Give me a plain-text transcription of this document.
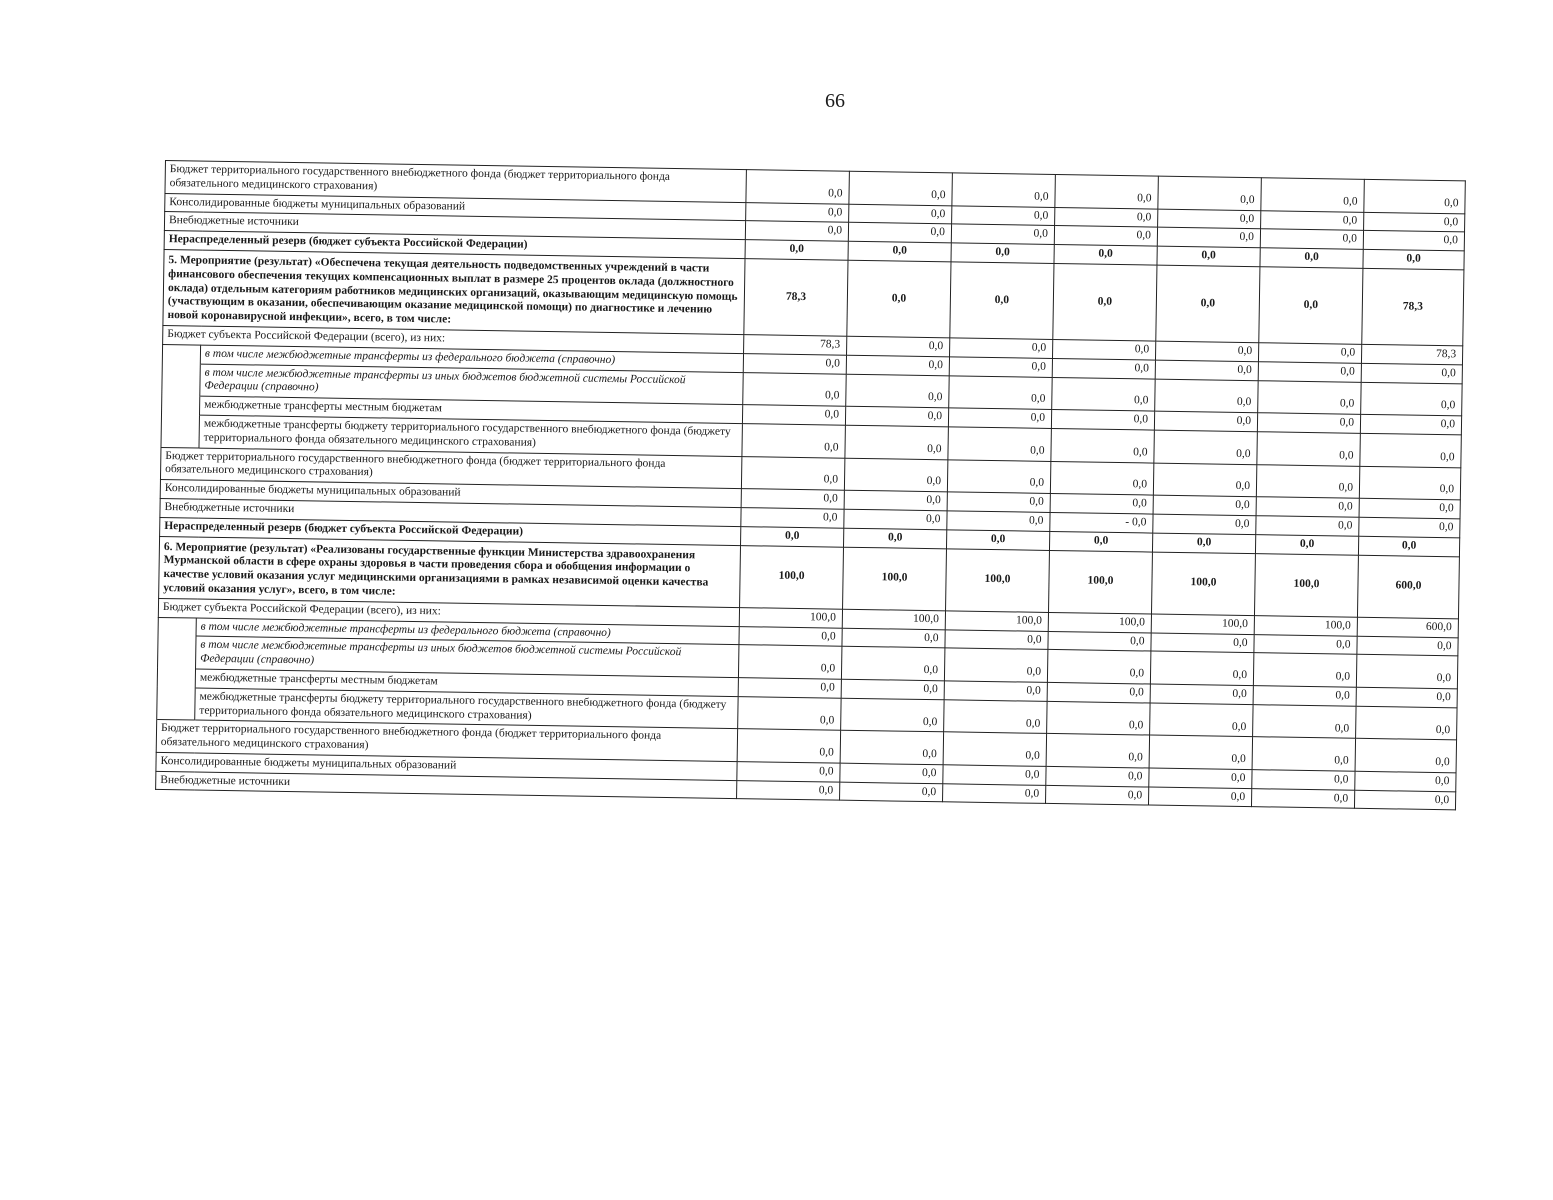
66
Бюджет территориального государственного внебюджетного фонда (бюджет территориального фонда обязательного медицинского страхования)		0,0	0,0	0,0	0,0	0,0	0,0	0,0
Консолидированные бюджеты муниципальных образований		0,0	0,0	0,0	0,0	0,0	0,0	0,0
Внебюджетные источники		0,0	0,0	0,0	0,0	0,0	0,0	0,0
Нераспределенный резерв (бюджет субъекта Российской Федерации)		0,0	0,0	0,0	0,0	0,0	0,0	0,0
5. Мероприятие (результат) «Обеспечена текущая деятельность подведомственных учреждений в части финансового обеспечения текущих компенсационных выплат в размере 25 процентов оклада (должностного оклада) отдельным категориям работников медицинских организаций, оказывающим медицинскую помощь (участвующим в оказании, обеспечивающим оказание медицинской помощи) по диагностике и лечению новой коронавирусной инфекции», всего, в том числе:		78,3	0,0	0,0	0,0	0,0	0,0	78,3
Бюджет субъекта Российской Федерации (всего), из них:		78,3	0,0	0,0	0,0	0,0	0,0	78,3
	в том числе межбюджетные трансферты из федерального бюджета (справочно)	0,0	0,0	0,0	0,0	0,0	0,0	0,0
	в том числе межбюджетные трансферты из иных бюджетов бюджетной системы Российской Федерации (справочно)	0,0	0,0	0,0	0,0	0,0	0,0	0,0
	межбюджетные трансферты местным бюджетам	0,0	0,0	0,0	0,0	0,0	0,0	0,0
	межбюджетные трансферты бюджету территориального государственного внебюджетного фонда (бюджету территориального фонда обязательного медицинского страхования)	0,0	0,0	0,0	0,0	0,0	0,0	0,0
Бюджет территориального государственного внебюджетного фонда (бюджет территориального фонда обязательного медицинского страхования)		0,0	0,0	0,0	0,0	0,0	0,0	0,0
Консолидированные бюджеты муниципальных образований		0,0	0,0	0,0	0,0	0,0	0,0	0,0
Внебюджетные источники		0,0	0,0	0,0	- 0,0	0,0	0,0	0,0
Нераспределенный резерв (бюджет субъекта Российской Федерации)		0,0	0,0	0,0	0,0	0,0	0,0	0,0
6. Мероприятие (результат) «Реализованы государственные функции Министерства здравоохранения Мурманской области в сфере охраны здоровья в части проведения сбора и обобщения информации о качестве условий оказания услуг медицинскими организациями в рамках независимой оценки качества условий оказания услуг», всего, в том числе:		100,0	100,0	100,0	100,0	100,0	100,0	600,0
Бюджет субъекта Российской Федерации (всего), из них:		100,0	100,0	100,0	100,0	100,0	100,0	600,0
	в том числе межбюджетные трансферты из федерального бюджета (справочно)	0,0	0,0	0,0	0,0	0,0	0,0	0,0
	в том числе межбюджетные трансферты из иных бюджетов бюджетной системы Российской Федерации (справочно)	0,0	0,0	0,0	0,0	0,0	0,0	0,0
	межбюджетные трансферты местным бюджетам	0,0	0,0	0,0	0,0	0,0	0,0	0,0
	межбюджетные трансферты бюджету территориального государственного внебюджетного фонда (бюджету территориального фонда обязательного медицинского страхования)	0,0	0,0	0,0	0,0	0,0	0,0	0,0
Бюджет территориального государственного внебюджетного фонда (бюджет территориального фонда обязательного медицинского страхования)		0,0	0,0	0,0	0,0	0,0	0,0	0,0
Консолидированные бюджеты муниципальных образований		0,0	0,0	0,0	0,0	0,0	0,0	0,0
Внебюджетные источники		0,0	0,0	0,0	0,0	0,0	0,0	0,0
